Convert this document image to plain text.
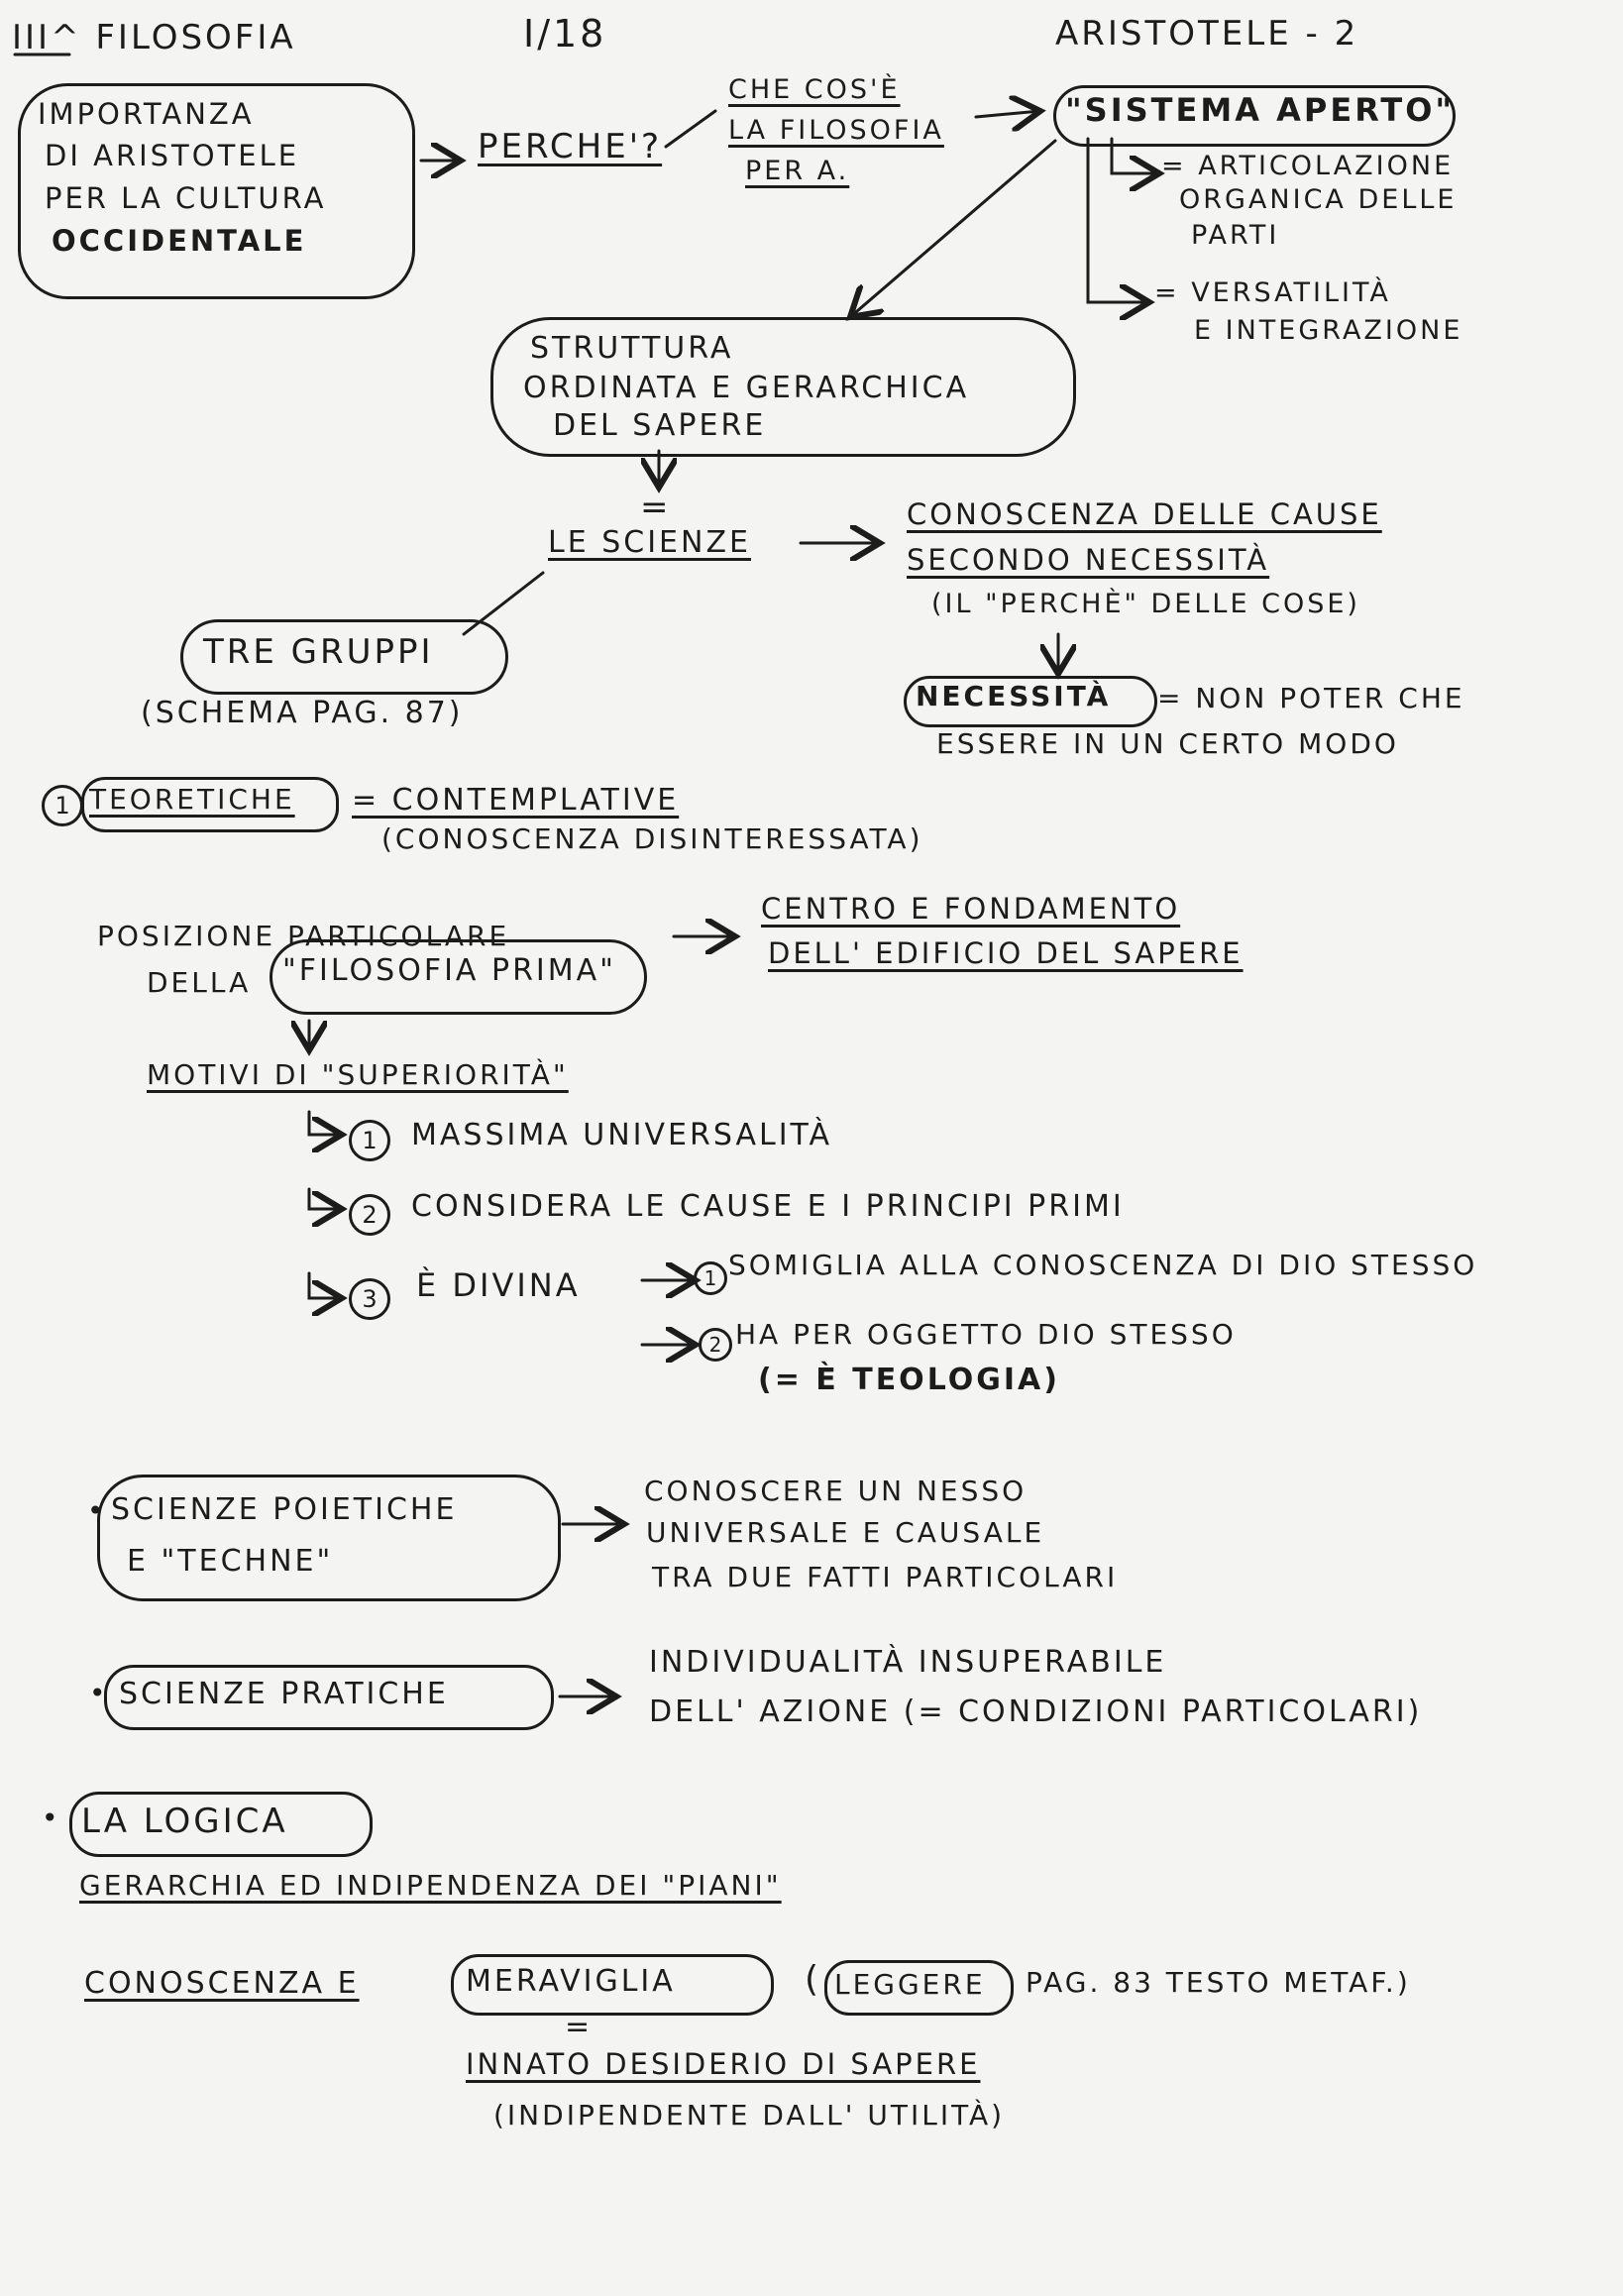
III^ FILOSOFIA	I/18	ARISTOTELE - 2
IMPORTANZA
DI ARISTOTELE
PER LA CULTURA
OCCIDENTALE
PERCHE'?
CHE COS'È
LA FILOSOFIA
PER A.
"SISTEMA APERTO"
= ARTICOLAZIONE
ORGANICA DELLE
PARTI
= VERSATILITÀ
E INTEGRAZIONE
STRUTTURA
ORDINATA E GERARCHICA
DEL SAPERE
=
LE SCIENZE
CONOSCENZA DELLE CAUSE
SECONDO NECESSITÀ
(IL "PERCHÈ" DELLE COSE)
NECESSITÀ = NON POTER CHE
ESSERE IN UN CERTO MODO
TRE GRUPPI
(SCHEMA PAG. 87)
1 TEORETICHE = CONTEMPLATIVE
(CONOSCENZA DISINTERESSATA)
POSIZIONE PARTICOLARE
DELLA "FILOSOFIA PRIMA"
CENTRO E FONDAMENTO
DELL' EDIFICIO DEL SAPERE
MOTIVI DI "SUPERIORITÀ"
1	MASSIMA UNIVERSALITÀ
2	CONSIDERA LE CAUSE E I PRINCIPI PRIMI
3	È DIVINA	1 SOMIGLIA ALLA CONOSCENZA DI DIO STESSO
2 HA PER OGGETTO DIO STESSO
(= È TEOLOGIA)
• SCIENZE POIETICHE
E "TECHNE"
CONOSCERE UN NESSO
UNIVERSALE E CAUSALE
TRA DUE FATTI PARTICOLARI
• SCIENZE PRATICHE
INDIVIDUALITÀ INSUPERABILE
DELL' AZIONE (= CONDIZIONI PARTICOLARI)
• LA LOGICA
GERARCHIA ED INDIPENDENZA DEI "PIANI"
CONOSCENZA E	MERAVIGLIA	( LEGGERE PAG. 83 TESTO METAF.)
=
INNATO DESIDERIO DI SAPERE
(INDIPENDENTE DALL' UTILITÀ)
